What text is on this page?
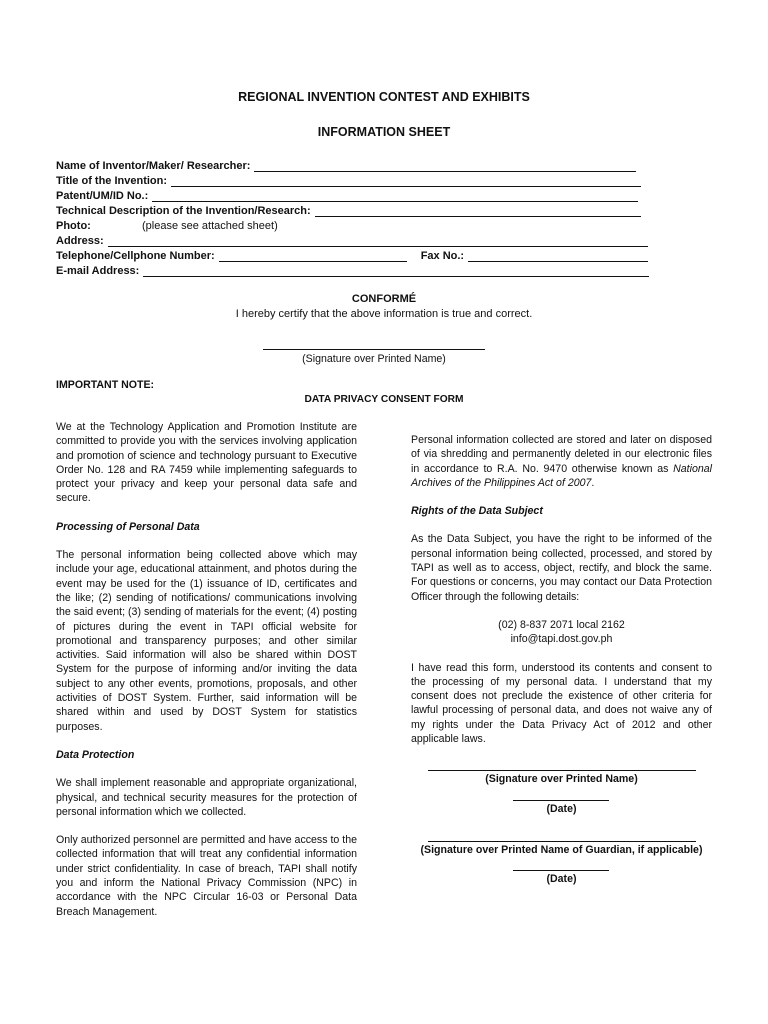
REGIONAL INVENTION CONTEST AND EXHIBITS
INFORMATION SHEET
Name of Inventor/Maker/ Researcher:
Title of the Invention:
Patent/UM/ID No.:
Technical Description of the Invention/Research:
Photo:	(please see attached sheet)
Address:
Telephone/Cellphone Number:	Fax No.:
E-mail Address:
CONFORMÉ
I hereby certify that the above information is true and correct.
(Signature over Printed Name)
IMPORTANT NOTE:
DATA PRIVACY CONSENT FORM

We at the Technology Application and Promotion Institute are committed to provide you with the services involving application and promotion of science and technology pursuant to Executive Order No. 128 and RA 7459 while implementing safeguards to protect your privacy and keep your personal data safe and secure.

Processing of Personal Data

The personal information being collected above which may include your age, educational attainment, and photos during the event may be used for the (1) issuance of ID, certificates and the like; (2) sending of notifications/ communications involving the said event; (3) sending of materials for the event; (4) posting of pictures during the event in TAPI official website for promotional and transparency purposes; and other similar activities. Said information will also be shared within DOST System for the purpose of informing and/or inviting the data subject to any other events, promotions, proposals, and other activities of DOST System. Further, said information will be shared within and used by DOST System for statistics purposes.

Data Protection

We shall implement reasonable and appropriate organizational, physical, and technical security measures for the protection of personal information which we collected.

Only authorized personnel are permitted and have access to the collected information that will treat any confidential information under strict confidentiality. In case of breach, TAPI shall notify you and inform the National Privacy Commission (NPC) in accordance with the NPC Circular 16-03 or Personal Data Breach Management.

Personal information collected are stored and later on disposed of via shredding and permanently deleted in our electronic files in accordance to R.A. No. 9470 otherwise known as National Archives of the Philippines Act of 2007.

Rights of the Data Subject

As the Data Subject, you have the right to be informed of the personal information being collected, processed, and stored by TAPI as well as to access, object, rectify, and block the same. For questions or concerns, you may contact our Data Protection Officer through the following details:

(02) 8-837 2071 local 2162
info@tapi.dost.gov.ph

I have read this form, understood its contents and consent to the processing of my personal data. I understand that my consent does not preclude the existence of other criteria for lawful processing of personal data, and does not waive any of my rights under the Data Privacy Act of 2012 and other applicable laws.

(Signature over Printed Name)
(Date)
(Signature over Printed Name of Guardian, if applicable)
(Date)
